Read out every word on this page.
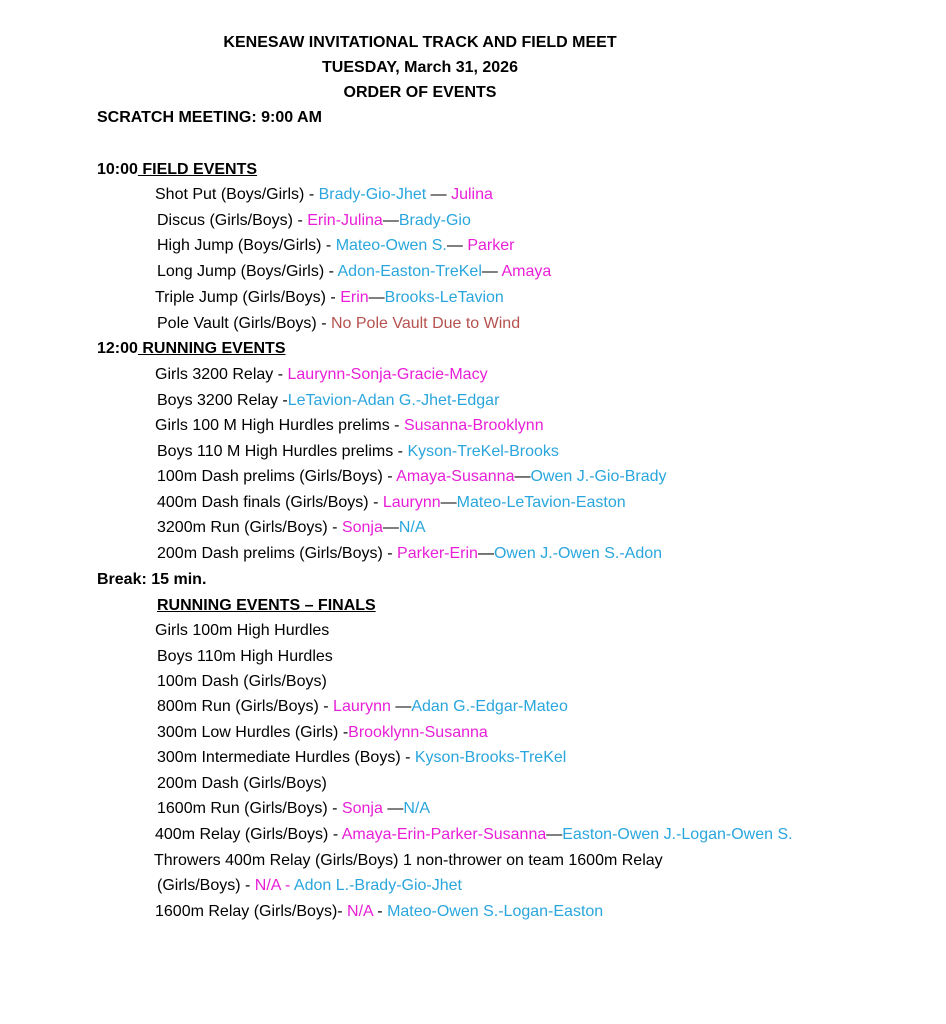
KENESAW INVITATIONAL TRACK AND FIELD MEET
TUESDAY, March 31, 2026
ORDER OF EVENTS
SCRATCH MEETING: 9:00 AM
10:00 FIELD EVENTS
Shot Put (Boys/Girls) - Brady-Gio-Jhet — Julina
Discus (Girls/Boys) - Erin-Julina—Brady-Gio
High Jump (Boys/Girls) - Mateo-Owen S.— Parker
Long Jump (Boys/Girls) - Adon-Easton-TreKel— Amaya
Triple Jump (Girls/Boys) - Erin—Brooks-LeTavion
Pole Vault (Girls/Boys) - No Pole Vault Due to Wind
12:00 RUNNING EVENTS
Girls 3200 Relay - Laurynn-Sonja-Gracie-Macy
Boys 3200 Relay -LeTavion-Adan G.-Jhet-Edgar
Girls 100 M High Hurdles prelims - Susanna-Brooklynn
Boys 110 M High Hurdles prelims - Kyson-TreKel-Brooks
100m Dash prelims (Girls/Boys) - Amaya-Susanna—Owen J.-Gio-Brady
400m Dash finals (Girls/Boys) - Laurynn—Mateo-LeTavion-Easton
3200m Run (Girls/Boys) - Sonja—N/A
200m Dash prelims (Girls/Boys) - Parker-Erin—Owen J.-Owen S.-Adon
Break: 15 min.
RUNNING EVENTS – FINALS
Girls 100m High Hurdles
Boys 110m High Hurdles
100m Dash (Girls/Boys)
800m Run (Girls/Boys) - Laurynn —Adan G.-Edgar-Mateo
300m Low Hurdles (Girls) -Brooklynn-Susanna
300m Intermediate Hurdles (Boys) - Kyson-Brooks-TreKel
200m Dash (Girls/Boys)
1600m Run (Girls/Boys) - Sonja —N/A
400m Relay (Girls/Boys) - Amaya-Erin-Parker-Susanna—Easton-Owen J.-Logan-Owen S.
Throwers 400m Relay (Girls/Boys) 1 non-thrower on team 1600m Relay
(Girls/Boys) - N/A - Adon L.-Brady-Gio-Jhet
1600m Relay (Girls/Boys)- N/A - Mateo-Owen S.-Logan-Easton
